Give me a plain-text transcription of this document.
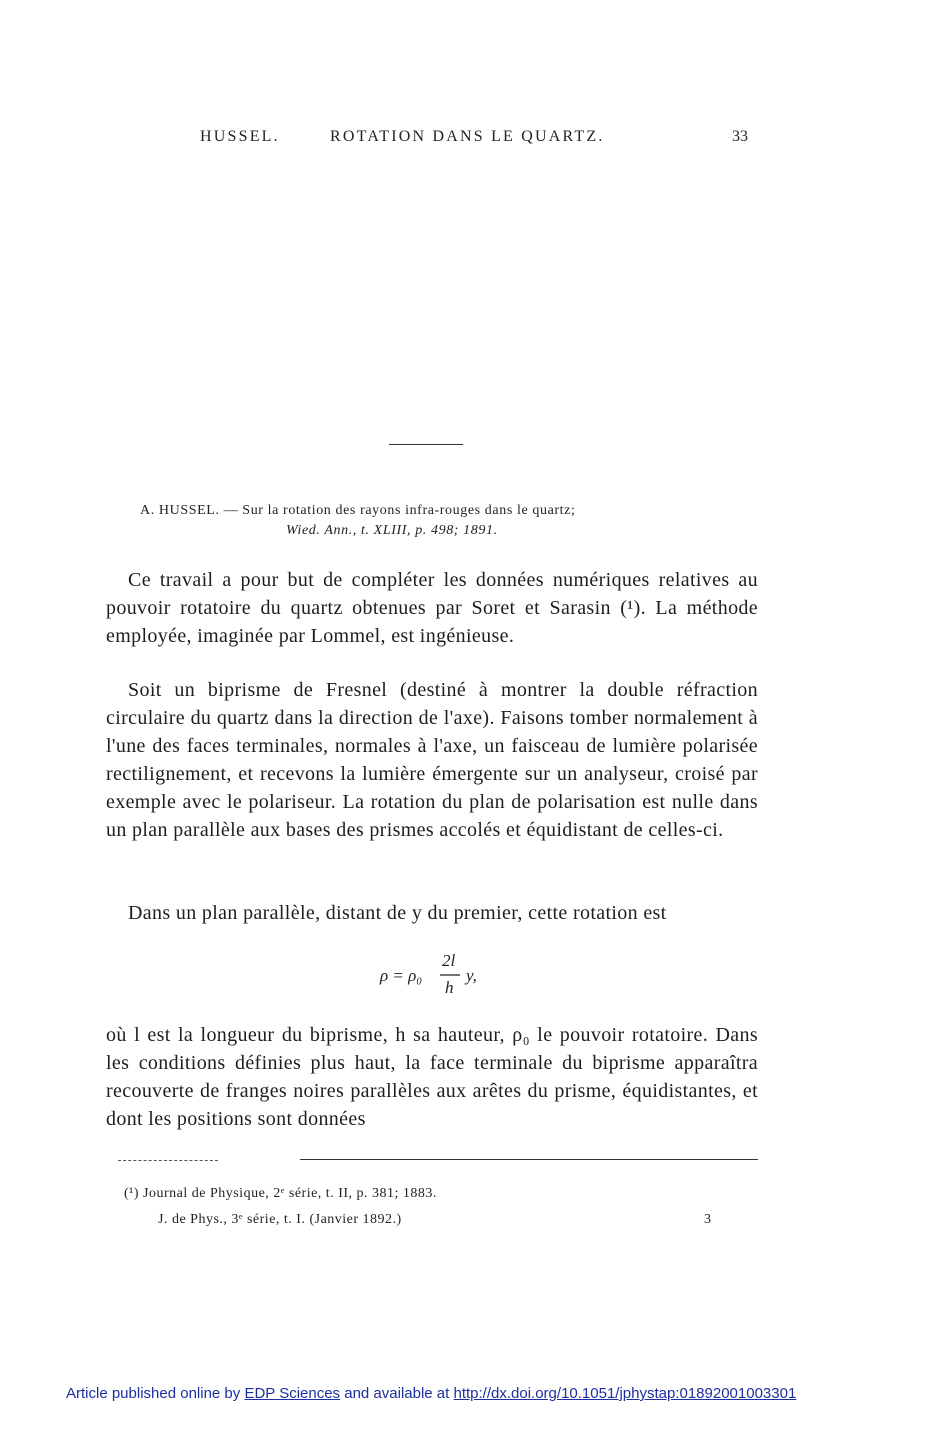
HUSSEL.	ROTATION DANS LE QUARTZ.	33
A. HUSSEL. — Sur la rotation des rayons infra-rouges dans le quartz;
Wied. Ann., t. XLIII, p. 498; 1891.
Ce travail a pour but de compléter les données numériques relatives au pouvoir rotatoire du quartz obtenues par Soret et Sarasin (¹). La méthode employée, imaginée par Lommel, est ingénieuse.
Soit un biprisme de Fresnel (destiné à montrer la double réfraction circulaire du quartz dans la direction de l'axe). Faisons tomber normalement à l'une des faces terminales, normales à l'axe, un faisceau de lumière polarisée rectilignement, et recevons la lumière émergente sur un analyseur, croisé par exemple avec le polariseur. La rotation du plan de polarisation est nulle dans un plan parallèle aux bases des prismes accolés et équidistant de celles-ci.
Dans un plan parallèle, distant de y du premier, cette rotation est
ρ = ρ₀
2l
h
y,
où l est la longueur du biprisme, h sa hauteur, ρ₀ le pouvoir rotatoire. Dans les conditions définies plus haut, la face terminale du biprisme apparaîtra recouverte de franges noires parallèles aux arêtes du prisme, équidistantes, et dont les positions sont données
(¹) Journal de Physique, 2ᵉ série, t. II, p. 381; 1883.
J. de Phys., 3ᵉ série, t. I. (Janvier 1892.)	3
Article published online by EDP Sciences and available at http://dx.doi.org/10.1051/jphystap:01892001003301
